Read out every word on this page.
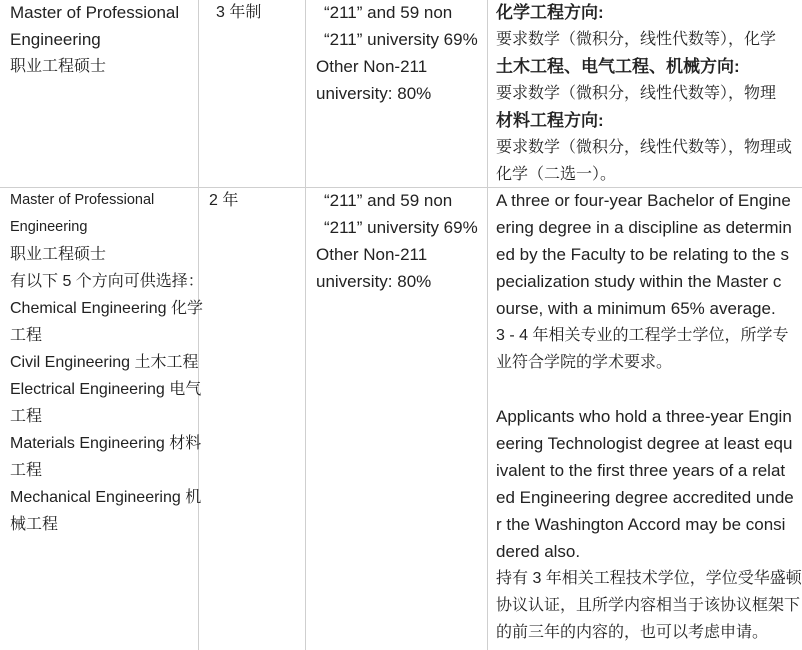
Master of Professional
Engineering
职业工程硕士
3 年制	“211” and 59 non
“211” university 69%
Other Non-211
university: 80%
化学工程方向:
要求数学（微积分，线性代数等），化学
土木工程、电气工程、机械方向:
要求数学（微积分，线性代数等），物理
材料工程方向:
要求数学（微积分，线性代数等），物理或
化学（二选一）。
Master of Professional
Engineering
职业工程硕士
有以下 5 个方向可供选择：
Chemical Engineering 化学
工程
Civil Engineering 土木工程
Electrical Engineering 电气
工程
Materials Engineering 材料
工程
Mechanical Engineering 机
械工程
2 年	“211” and 59 non
“211” university 69%
Other Non-211
university: 80%
A three or four-year Bachelor of Engine
ering degree in a discipline as determin
ed by the Faculty to be relating to the s
pecialization study within the Master c
ourse, with a minimum 65% average.
3 - 4 年相关专业的工程学士学位，所学专
业符合学院的学术要求。
Applicants who hold a three-year Engin
eering Technologist degree at least equ
ivalent to the first three years of a relat
ed Engineering degree accredited unde
r the Washington Accord may be consi
dered also.
持有 3 年相关工程技术学位，学位受华盛顿
协议认证，且所学内容相当于该协议框架下
的前三年的内容的，也可以考虑申请。
